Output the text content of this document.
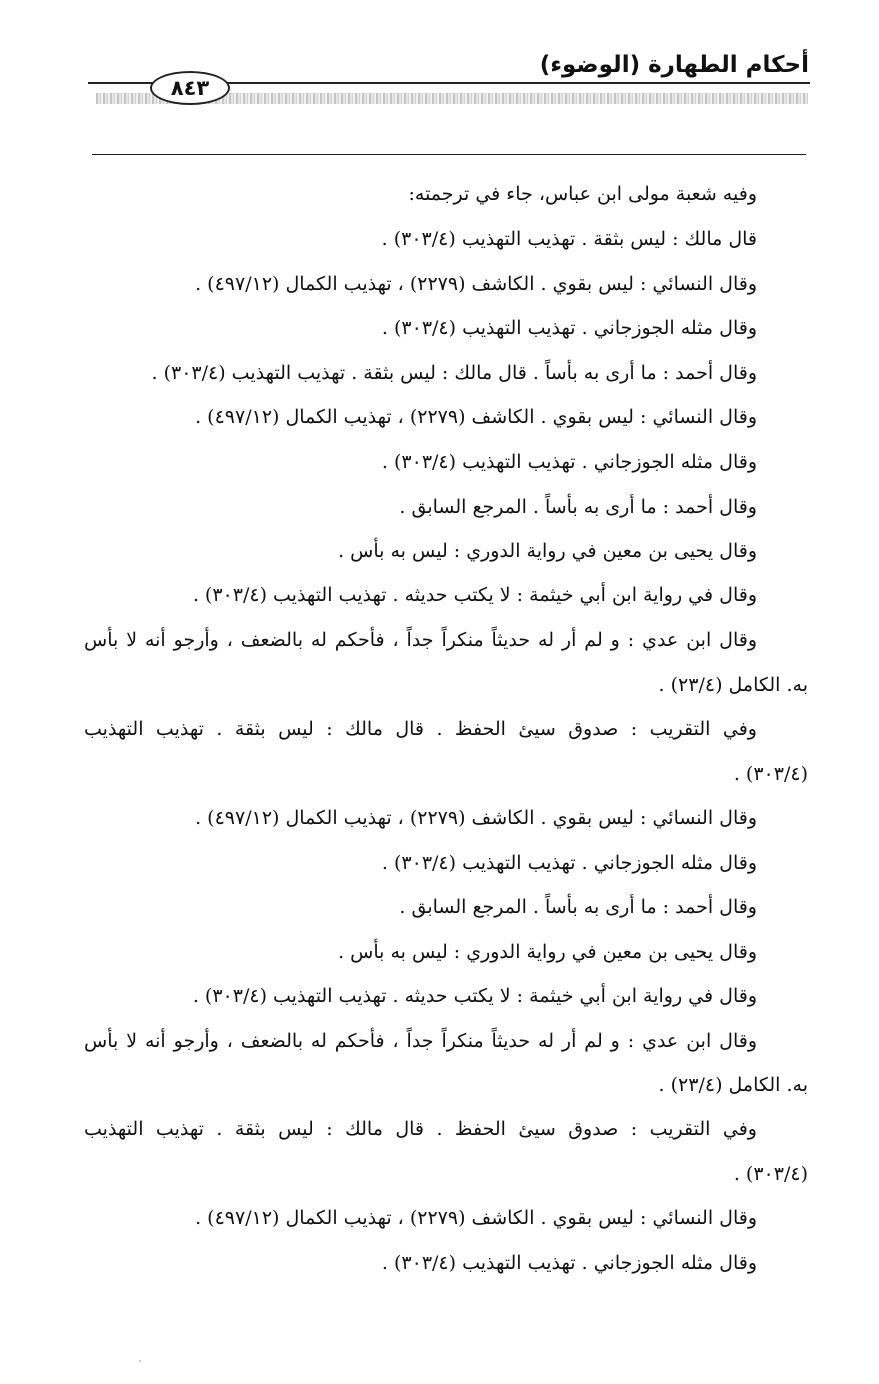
أحكام الطهارة (الوضوء)
٨٤٣
وفيه شعبة مولى ابن عباس، جاء في ترجمته:
قال مالك : ليس بثقة . تهذيب التهذيب (٣٠٣/٤) .
وقال النسائي : ليس بقوي . الكاشف (٢٢٧٩) ، تهذيب الكمال (٤٩٧/١٢) .
وقال مثله الجوزجاني . تهذيب التهذيب (٣٠٣/٤) .
وقال أحمد : ما أرى به بأساً . قال مالك : ليس بثقة . تهذيب التهذيب (٣٠٣/٤) .
وقال النسائي : ليس بقوي . الكاشف (٢٢٧٩) ، تهذيب الكمال (٤٩٧/١٢) .
وقال مثله الجوزجاني . تهذيب التهذيب (٣٠٣/٤) .
وقال أحمد : ما أرى به بأساً . المرجع السابق .
وقال يحيى بن معين في رواية الدوري : ليس به بأس .
وقال في رواية ابن أبي خيثمة : لا يكتب حديثه . تهذيب التهذيب (٣٠٣/٤) .
وقال ابن عدي : و لم أر له حديثاً منكراً جداً ، فأحكم له بالضعف ، وأرجو أنه لا بأس
به. الكامل (٢٣/٤) .
وفي التقريب : صدوق سيئ الحفظ . قال مالك : ليس بثقة . تهذيب التهذيب
(٣٠٣/٤) .
وقال النسائي : ليس بقوي . الكاشف (٢٢٧٩) ، تهذيب الكمال (٤٩٧/١٢) .
وقال مثله الجوزجاني . تهذيب التهذيب (٣٠٣/٤) .
وقال أحمد : ما أرى به بأساً . المرجع السابق .
وقال يحيى بن معين في رواية الدوري : ليس به بأس .
وقال في رواية ابن أبي خيثمة : لا يكتب حديثه . تهذيب التهذيب (٣٠٣/٤) .
وقال ابن عدي : و لم أر له حديثاً منكراً جداً ، فأحكم له بالضعف ، وأرجو أنه لا بأس
به. الكامل (٢٣/٤) .
وفي التقريب : صدوق سيئ الحفظ . قال مالك : ليس بثقة . تهذيب التهذيب
(٣٠٣/٤) .
وقال النسائي : ليس بقوي . الكاشف (٢٢٧٩) ، تهذيب الكمال (٤٩٧/١٢) .
وقال مثله الجوزجاني . تهذيب التهذيب (٣٠٣/٤) .
